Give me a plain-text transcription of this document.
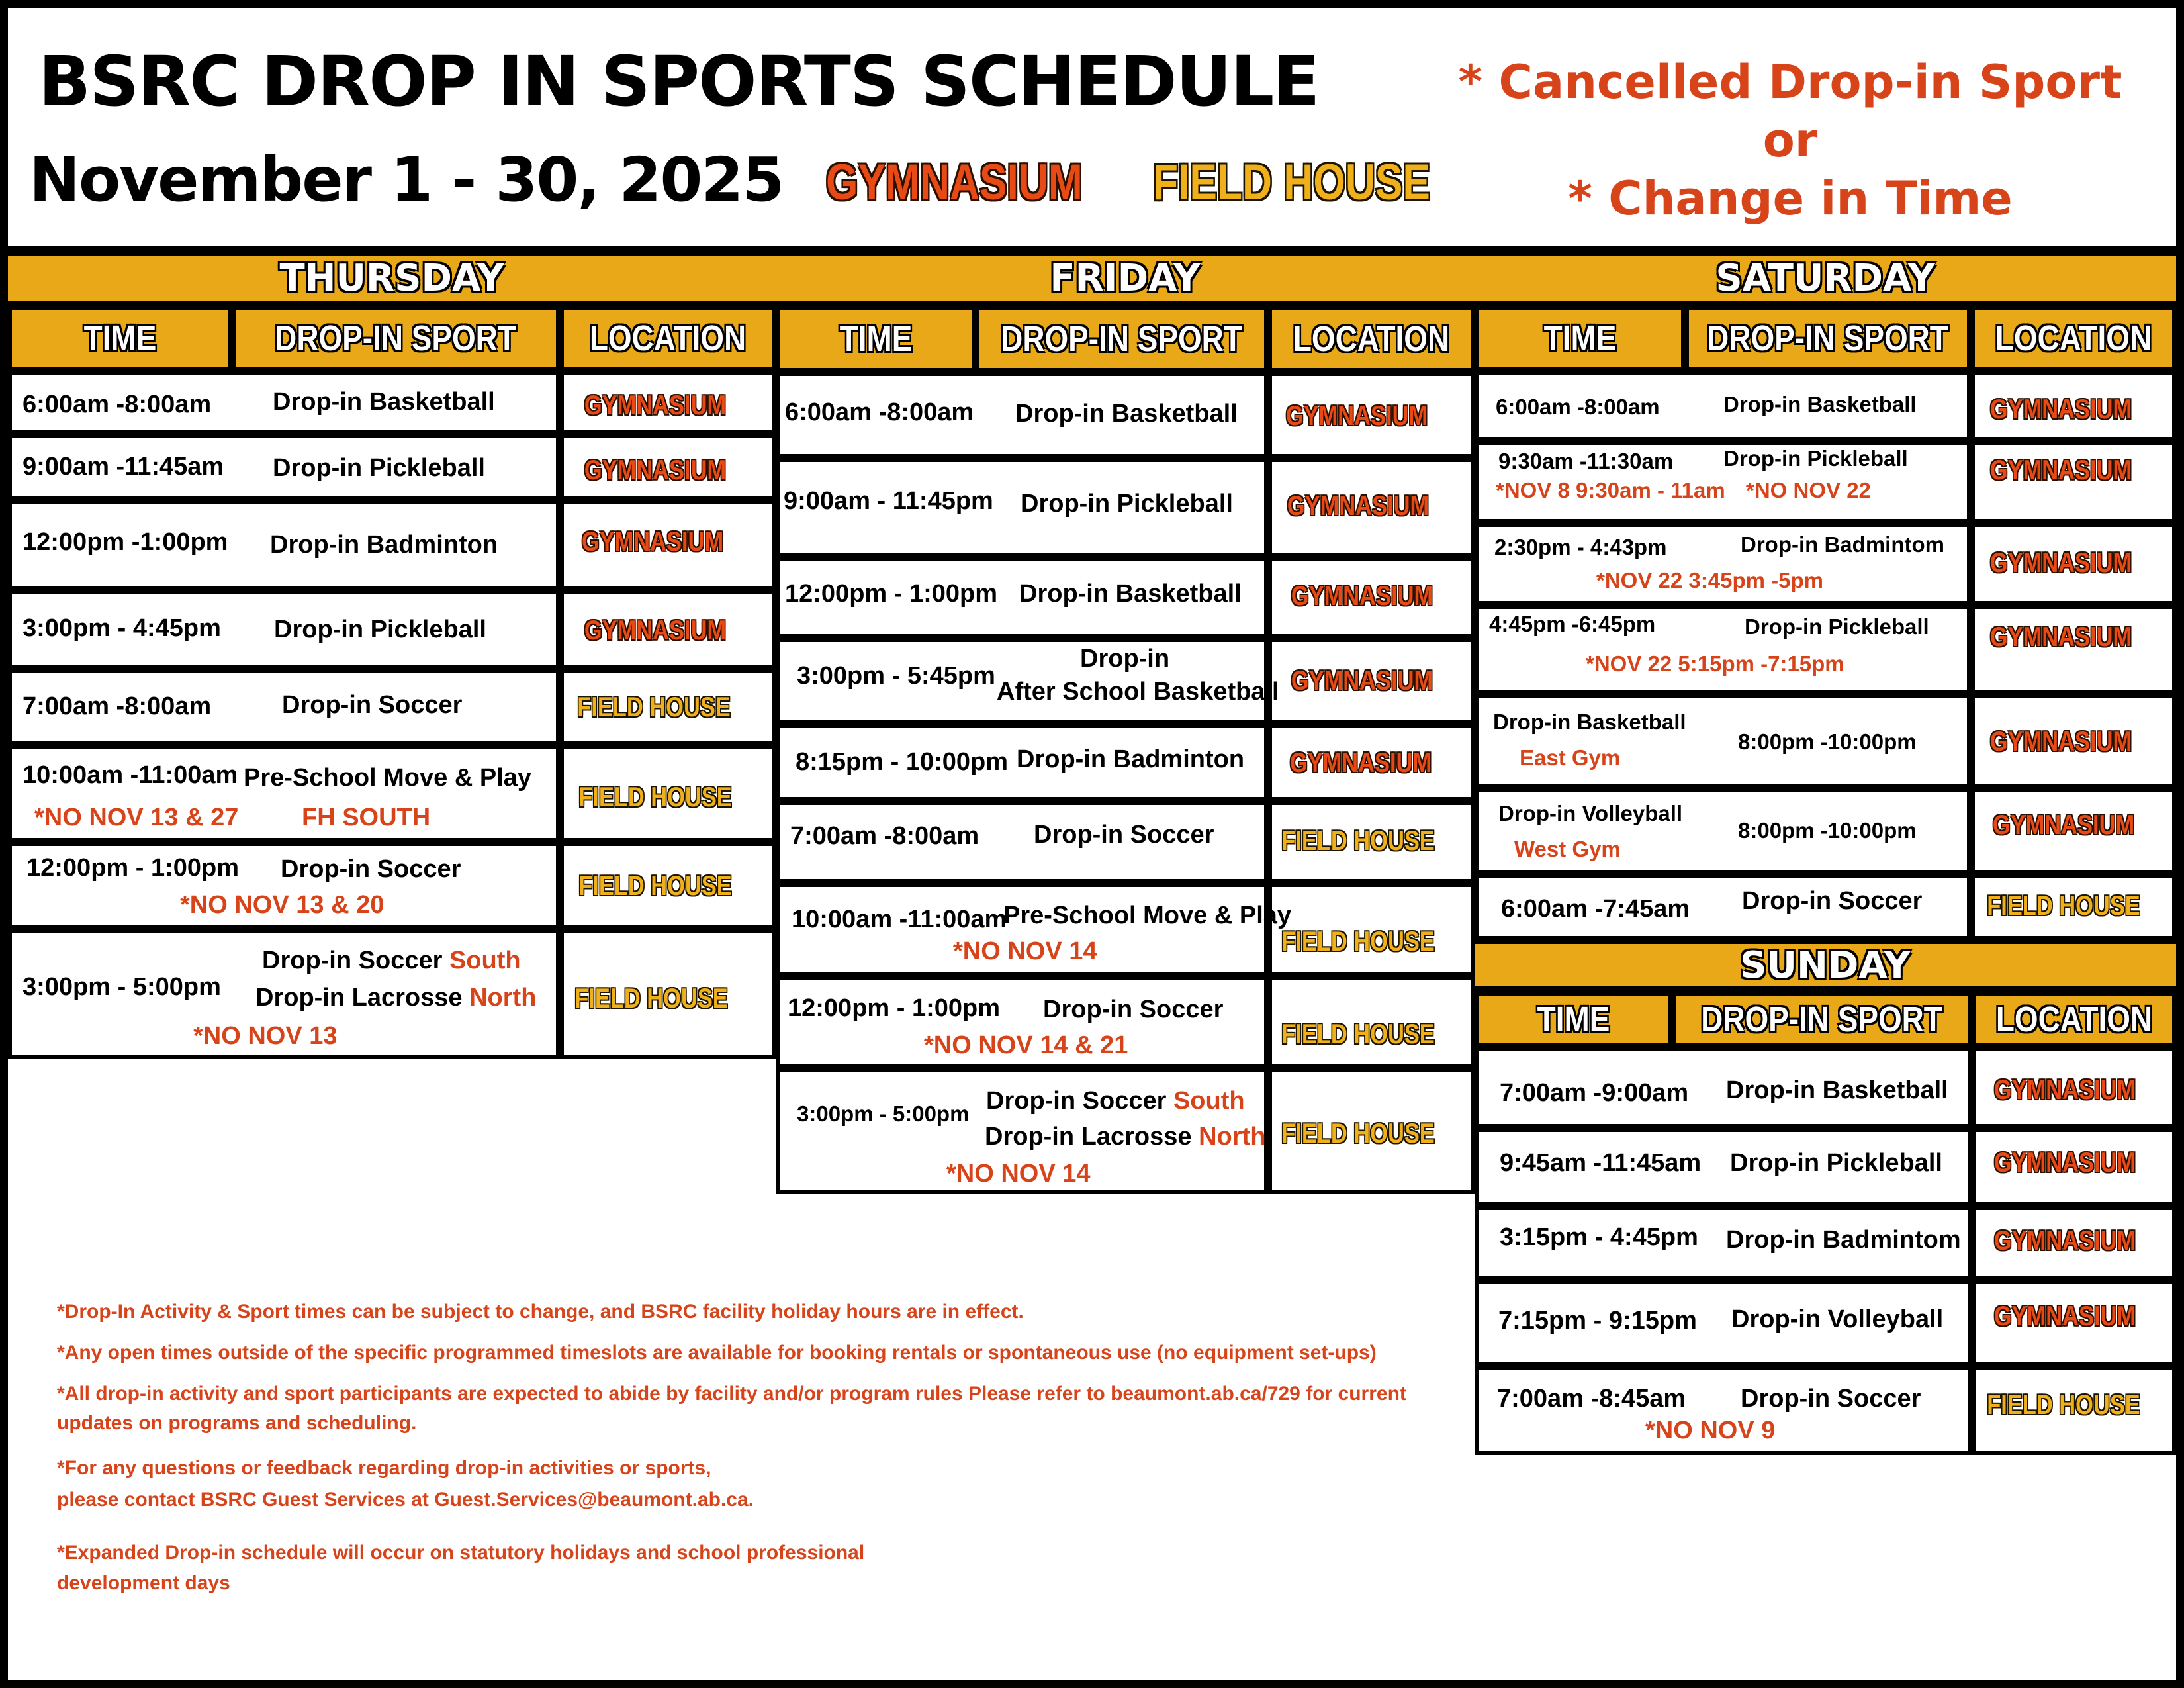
BSRC DROP IN SPORTS SCHEDULE
November 1 - 30, 2025 GYMNASIUM FIELD HOUSE
* Cancelled Drop-in Sport
or
* Change in Time
THURSDAY
TIME	DROP-IN SPORT LOCATION
6:00am -8:00am Drop-in Basketball	GYMNASIUM
9:00am -11:45am Drop-in Pickleball	GYMNASIUM
12:00pm -1:00pm Drop-in Badminton	GYMNASIUM
3:00pm - 4:45pm Drop-in Pickleball	GYMNASIUM
7:00am -8:00am	Drop-in Soccer	FIELD HOUSE
10:00am -11:00am Pre-School Move & Play
*NO NOV 13 & 27	FH SOUTH
FIELD HOUSE
12:00pm - 1:00pm Drop-in Soccer
*NO NOV 13 & 20
FIELD HOUSE
3:00pm - 5:00pm
Drop-in Soccer South
Drop-in Lacrosse North
*NO NOV 13
FIELD HOUSE
FRIDAY
TIME DROP-IN SPORT LOCATION
6:00am -8:00am Drop-in Basketball GYMNASIUM
9:00am - 11:45pm Drop-in Pickleball GYMNASIUM
12:00pm - 1:00pm Drop-in Basketball GYMNASIUM
3:00pm - 5:45pm
Drop-in
After School Basketball GYMNASIUM
8:15pm - 10:00pm Drop-in Badminton GYMNASIUM
7:00am -8:00am Drop-in Soccer FIELD HOUSE
10:00am -11:00am
Pre-School Move & Play
*NO NOV 14	FIELD HOUSE
12:00pm - 1:00pm Drop-in Soccer
*NO NOV 14 & 21	FIELD HOUSE
3:00pm - 5:00pm Drop-in Soccer South
Drop-in Lacrosse North
*NO NOV 14
FIELD HOUSE
SATURDAY
TIME	DROP-IN SPORT LOCATION
6:00am -8:00am	Drop-in Basketball	GYMNASIUM
9:30am -11:30am Drop-in Pickleball
*NOV 8 9:30am - 11am *NO NOV 22
GYMNASIUM
2:30pm - 4:43pm	Drop-in Badmintom
*NOV 22 3:45pm -5pm
GYMNASIUM
4:45pm -6:45pm	Drop-in Pickleball
*NOV 22 5:15pm -7:15pm
GYMNASIUM
Drop-in Basketball
East Gym
8:00pm -10:00pm	GYMNASIUM
Drop-in Volleyball
West Gym
8:00pm -10:00pm	GYMNASIUM
6:00am -7:45am Drop-in Soccer FIELD HOUSE
SUNDAY
TIME	DROP-IN SPORT LOCATION
7:00am -9:00am Drop-in Basketball GYMNASIUM
9:45am -11:45am Drop-in Pickleball GYMNASIUM
3:15pm - 4:45pm Drop-in Badmintom GYMNASIUM
7:15pm - 9:15pm Drop-in Volleyball GYMNASIUM
7:00am -8:45am Drop-in Soccer
*NO NOV 9
FIELD HOUSE
*Drop-In Activity & Sport times can be subject to change, and BSRC facility holiday hours are in effect.
*Any open times outside of the specific programmed timeslots are available for booking rentals or spontaneous use (no equipment set-ups)
*All drop-in activity and sport participants are expected to abide by facility and/or program rules Please refer to beaumont.ab.ca/729 for current
updates on programs and scheduling.
*For any questions or feedback regarding drop-in activities or sports,
please contact BSRC Guest Services at Guest.Services@beaumont.ab.ca.
*Expanded Drop-in schedule will occur on statutory holidays and school professional
development days
